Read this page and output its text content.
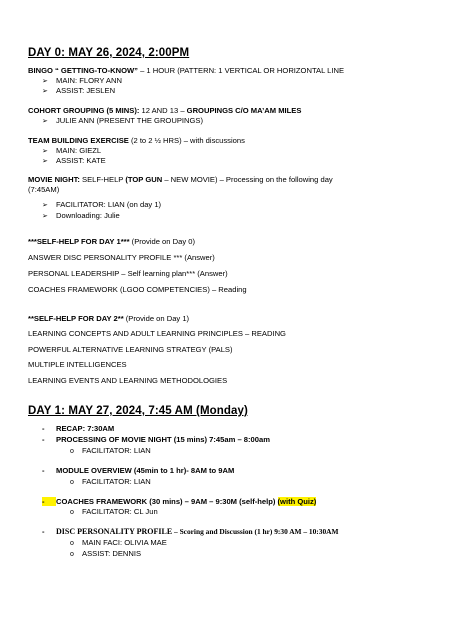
DAY 0: MAY 26, 2024, 2:00PM
BINGO “ GETTING-TO-KNOW” – 1 HOUR (PATTERN: 1 VERTICAL OR HORIZONTAL LINE
➢ MAIN: FLORY ANN
➢ ASSIST: JESLEN
COHORT GROUPING (5 MINS): 12 AND 13 – GROUPINGS C/O MA’AM MILES
➢ JULIE ANN (PRESENT THE GROUPINGS)
TEAM BUILDING EXERCISE (2 to 2 ½ HRS) – with discussions
➢ MAIN: GIEZL
➢ ASSIST: KATE
MOVIE NIGHT: SELF-HELP (TOP GUN – NEW MOVIE) – Processing on the following day
(7:45AM)
➢ FACILITATOR: LIAN (on day 1)
➢ Downloading: Julie
***SELF-HELP FOR DAY 1*** (Provide on Day 0)
ANSWER DISC PERSONALITY PROFILE *** (Answer)
PERSONAL LEADERSHIP – Self learning plan*** (Answer)
COACHES FRAMEWORK (LGOO COMPETENCIES) – Reading
**SELF-HELP FOR DAY 2** (Provide on Day 1)
LEARNING CONCEPTS AND ADULT LEARNING PRINCIPLES – READING
POWERFUL ALTERNATIVE LEARNING STRATEGY (PALS)
MULTIPLE INTELLIGENCES
LEARNING EVENTS AND LEARNING METHODOLOGIES
DAY 1: MAY 27, 2024, 7:45 AM (Monday)
- RECAP: 7:30AM
- PROCESSING OF MOVIE NIGHT (15 mins) 7:45am – 8:00am
o FACILITATOR: LIAN
- MODULE OVERVIEW (45min to 1 hr)- 8AM to 9AM
o FACILITATOR: LIAN
- COACHES FRAMEWORK (30 mins) – 9AM – 9:30M (self-help) (with Quiz)
o FACILITATOR: CL Jun
- DISC PERSONALITY PROFILE – Scoring and Discussion (1 hr) 9:30 AM – 10:30AM
o MAIN FACI: OLIVIA MAE
o ASSIST: DENNIS
